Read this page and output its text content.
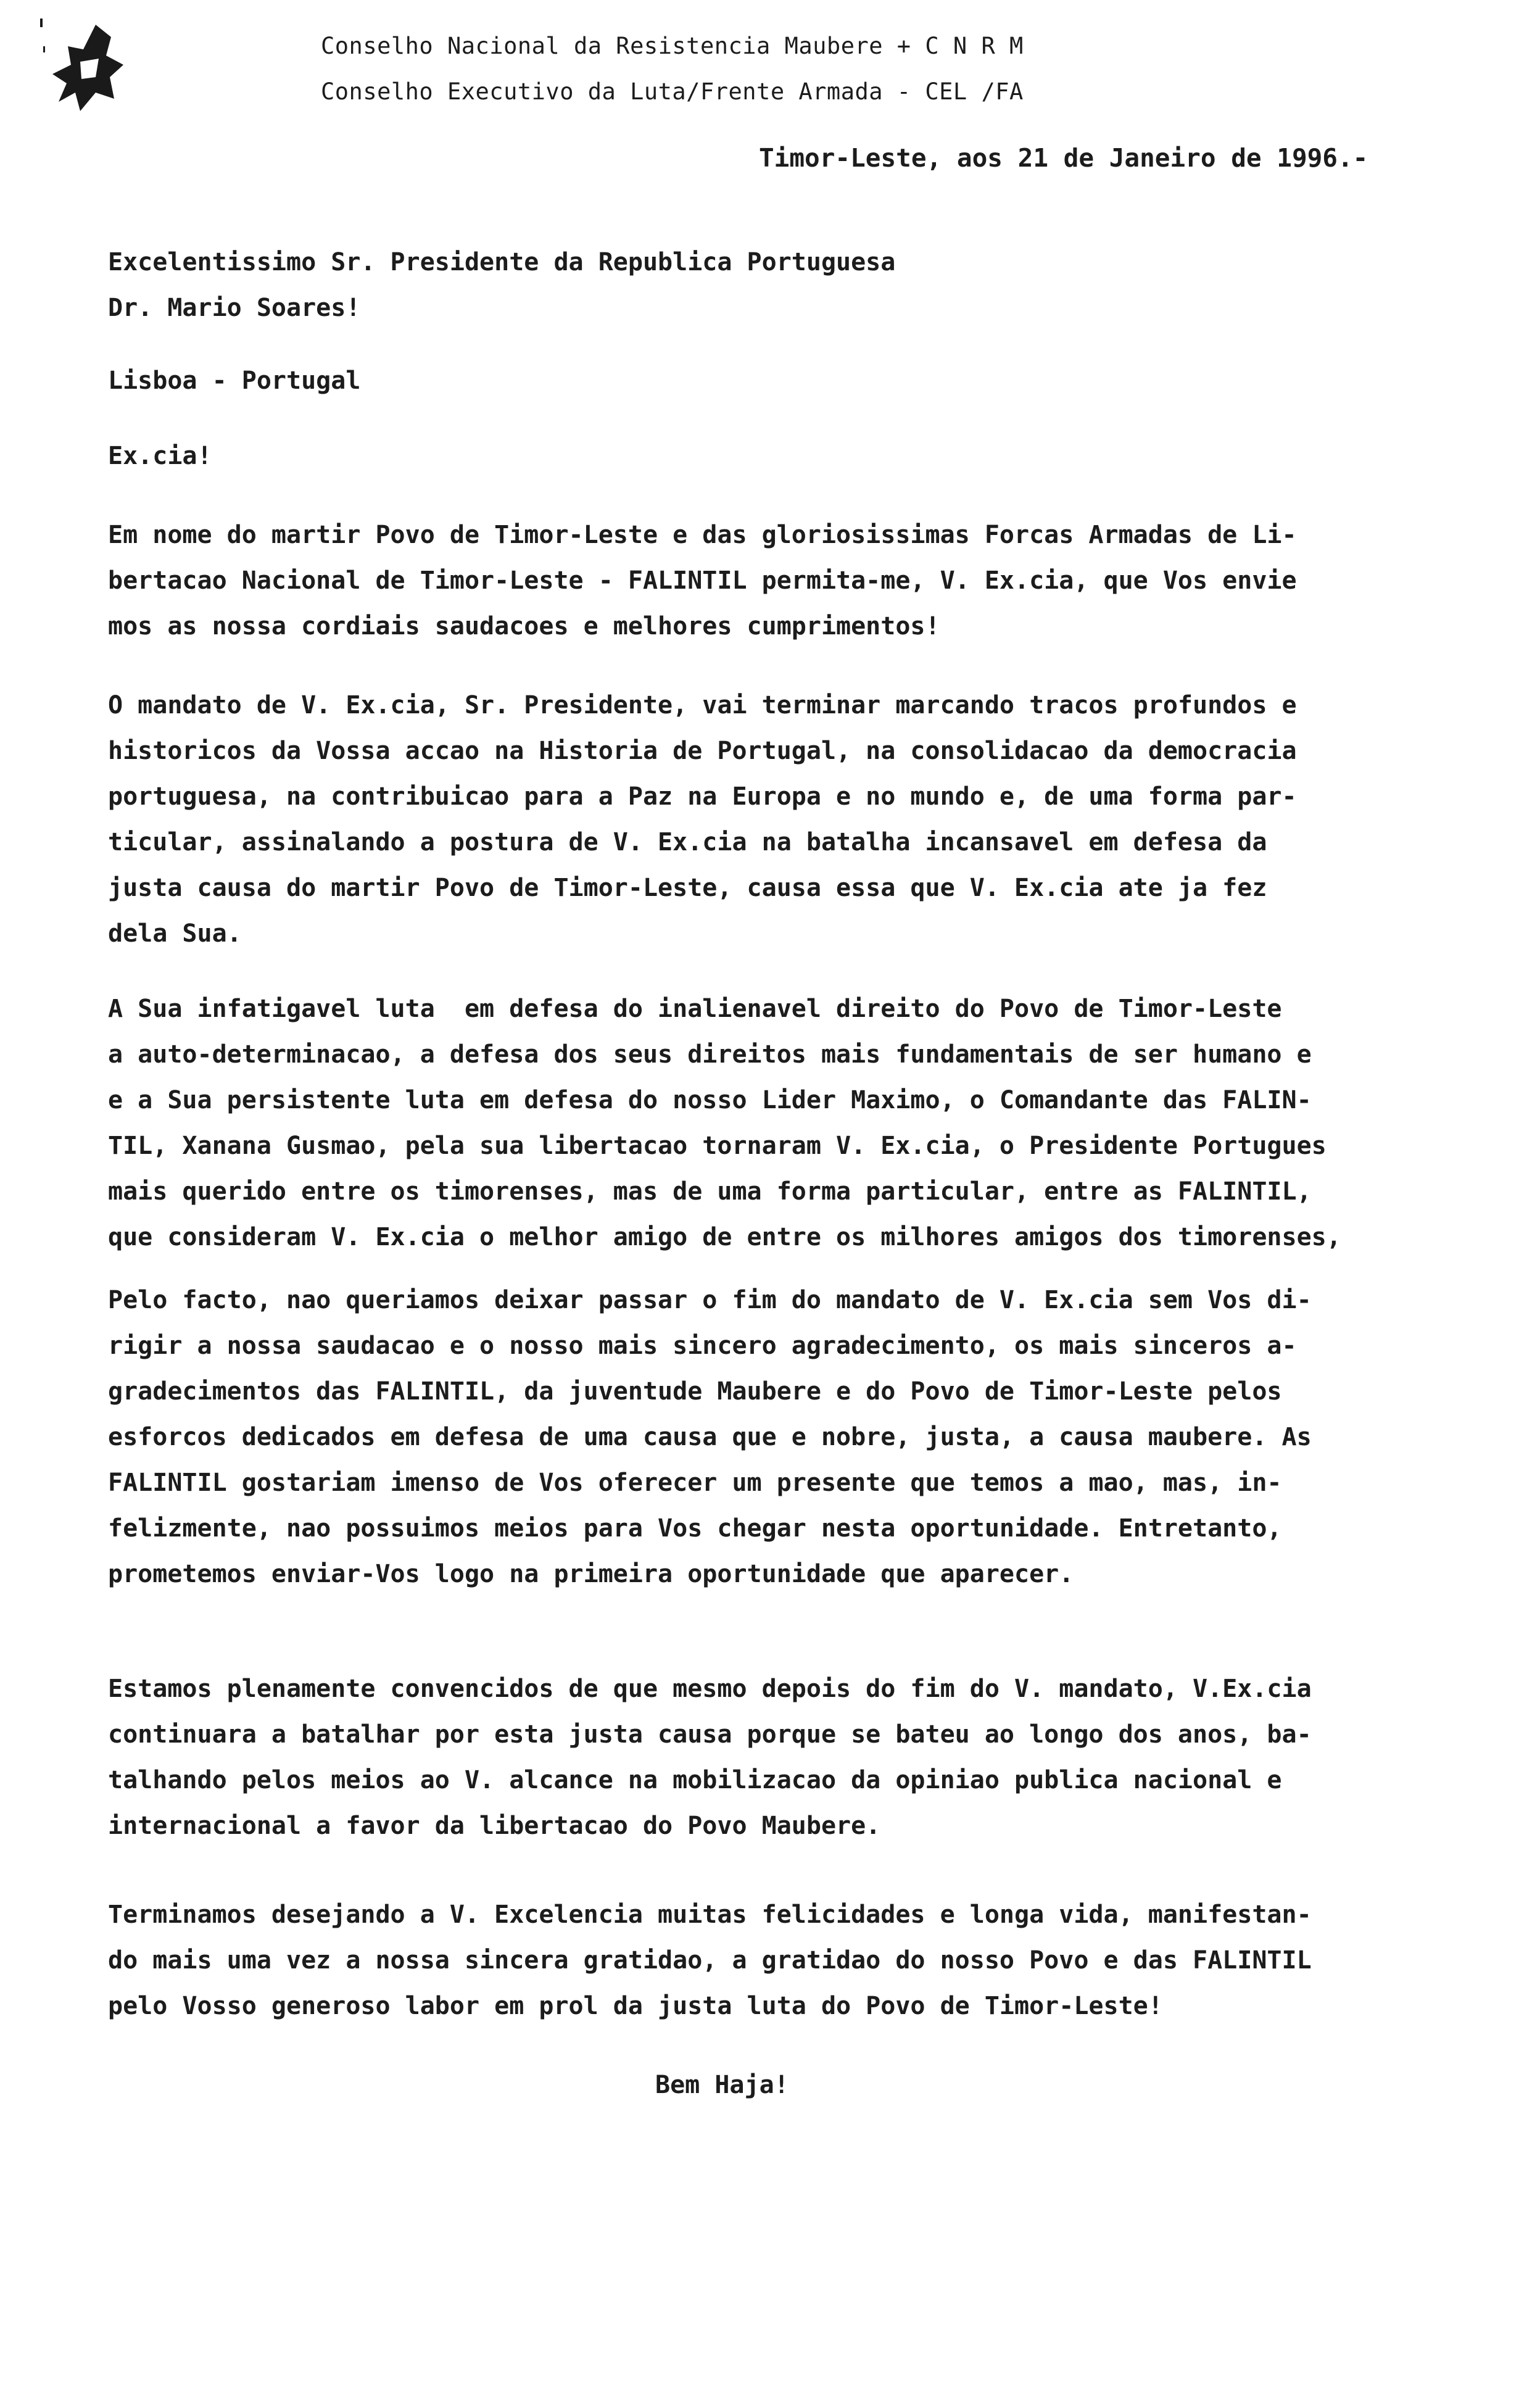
Conselho Nacional da Resistencia Maubere + C N R M
Conselho Executivo da Luta/Frente Armada - CEL /FA
Timor-Leste, aos 21 de Janeiro de 1996.-
Excelentissimo Sr. Presidente da Republica Portuguesa
Dr. Mario Soares!
Lisboa - Portugal
Ex.cia!
Em nome do martir Povo de Timor-Leste e das gloriosissimas Forcas Armadas de Li-
bertacao Nacional de Timor-Leste - FALINTIL permita-me, V. Ex.cia, que Vos envie
mos as nossa cordiais saudacoes e melhores cumprimentos!
O mandato de V. Ex.cia, Sr. Presidente, vai terminar marcando tracos profundos e
historicos da Vossa accao na Historia de Portugal, na consolidacao da democracia
portuguesa, na contribuicao para a Paz na Europa e no mundo e, de uma forma par-
ticular, assinalando a postura de V. Ex.cia na batalha incansavel em defesa da
justa causa do martir Povo de Timor-Leste, causa essa que V. Ex.cia ate ja fez
dela Sua.
A Sua infatigavel luta  em defesa do inalienavel direito do Povo de Timor-Leste
a auto-determinacao, a defesa dos seus direitos mais fundamentais de ser humano e
e a Sua persistente luta em defesa do nosso Lider Maximo, o Comandante das FALIN-
TIL, Xanana Gusmao, pela sua libertacao tornaram V. Ex.cia, o Presidente Portugues
mais querido entre os timorenses, mas de uma forma particular, entre as FALINTIL,
que consideram V. Ex.cia o melhor amigo de entre os milhores amigos dos timorenses,
Pelo facto, nao queriamos deixar passar o fim do mandato de V. Ex.cia sem Vos di-
rigir a nossa saudacao e o nosso mais sincero agradecimento, os mais sinceros a-
gradecimentos das FALINTIL, da juventude Maubere e do Povo de Timor-Leste pelos
esforcos dedicados em defesa de uma causa que e nobre, justa, a causa maubere. As
FALINTIL gostariam imenso de Vos oferecer um presente que temos a mao, mas, in-
felizmente, nao possuimos meios para Vos chegar nesta oportunidade. Entretanto,
prometemos enviar-Vos logo na primeira oportunidade que aparecer.
Estamos plenamente convencidos de que mesmo depois do fim do V. mandato, V.Ex.cia
continuara a batalhar por esta justa causa porque se bateu ao longo dos anos, ba-
talhando pelos meios ao V. alcance na mobilizacao da opiniao publica nacional e
internacional a favor da libertacao do Povo Maubere.
Terminamos desejando a V. Excelencia muitas felicidades e longa vida, manifestan-
do mais uma vez a nossa sincera gratidao, a gratidao do nosso Povo e das FALINTIL
pelo Vosso generoso labor em prol da justa luta do Povo de Timor-Leste!
Bem Haja!
